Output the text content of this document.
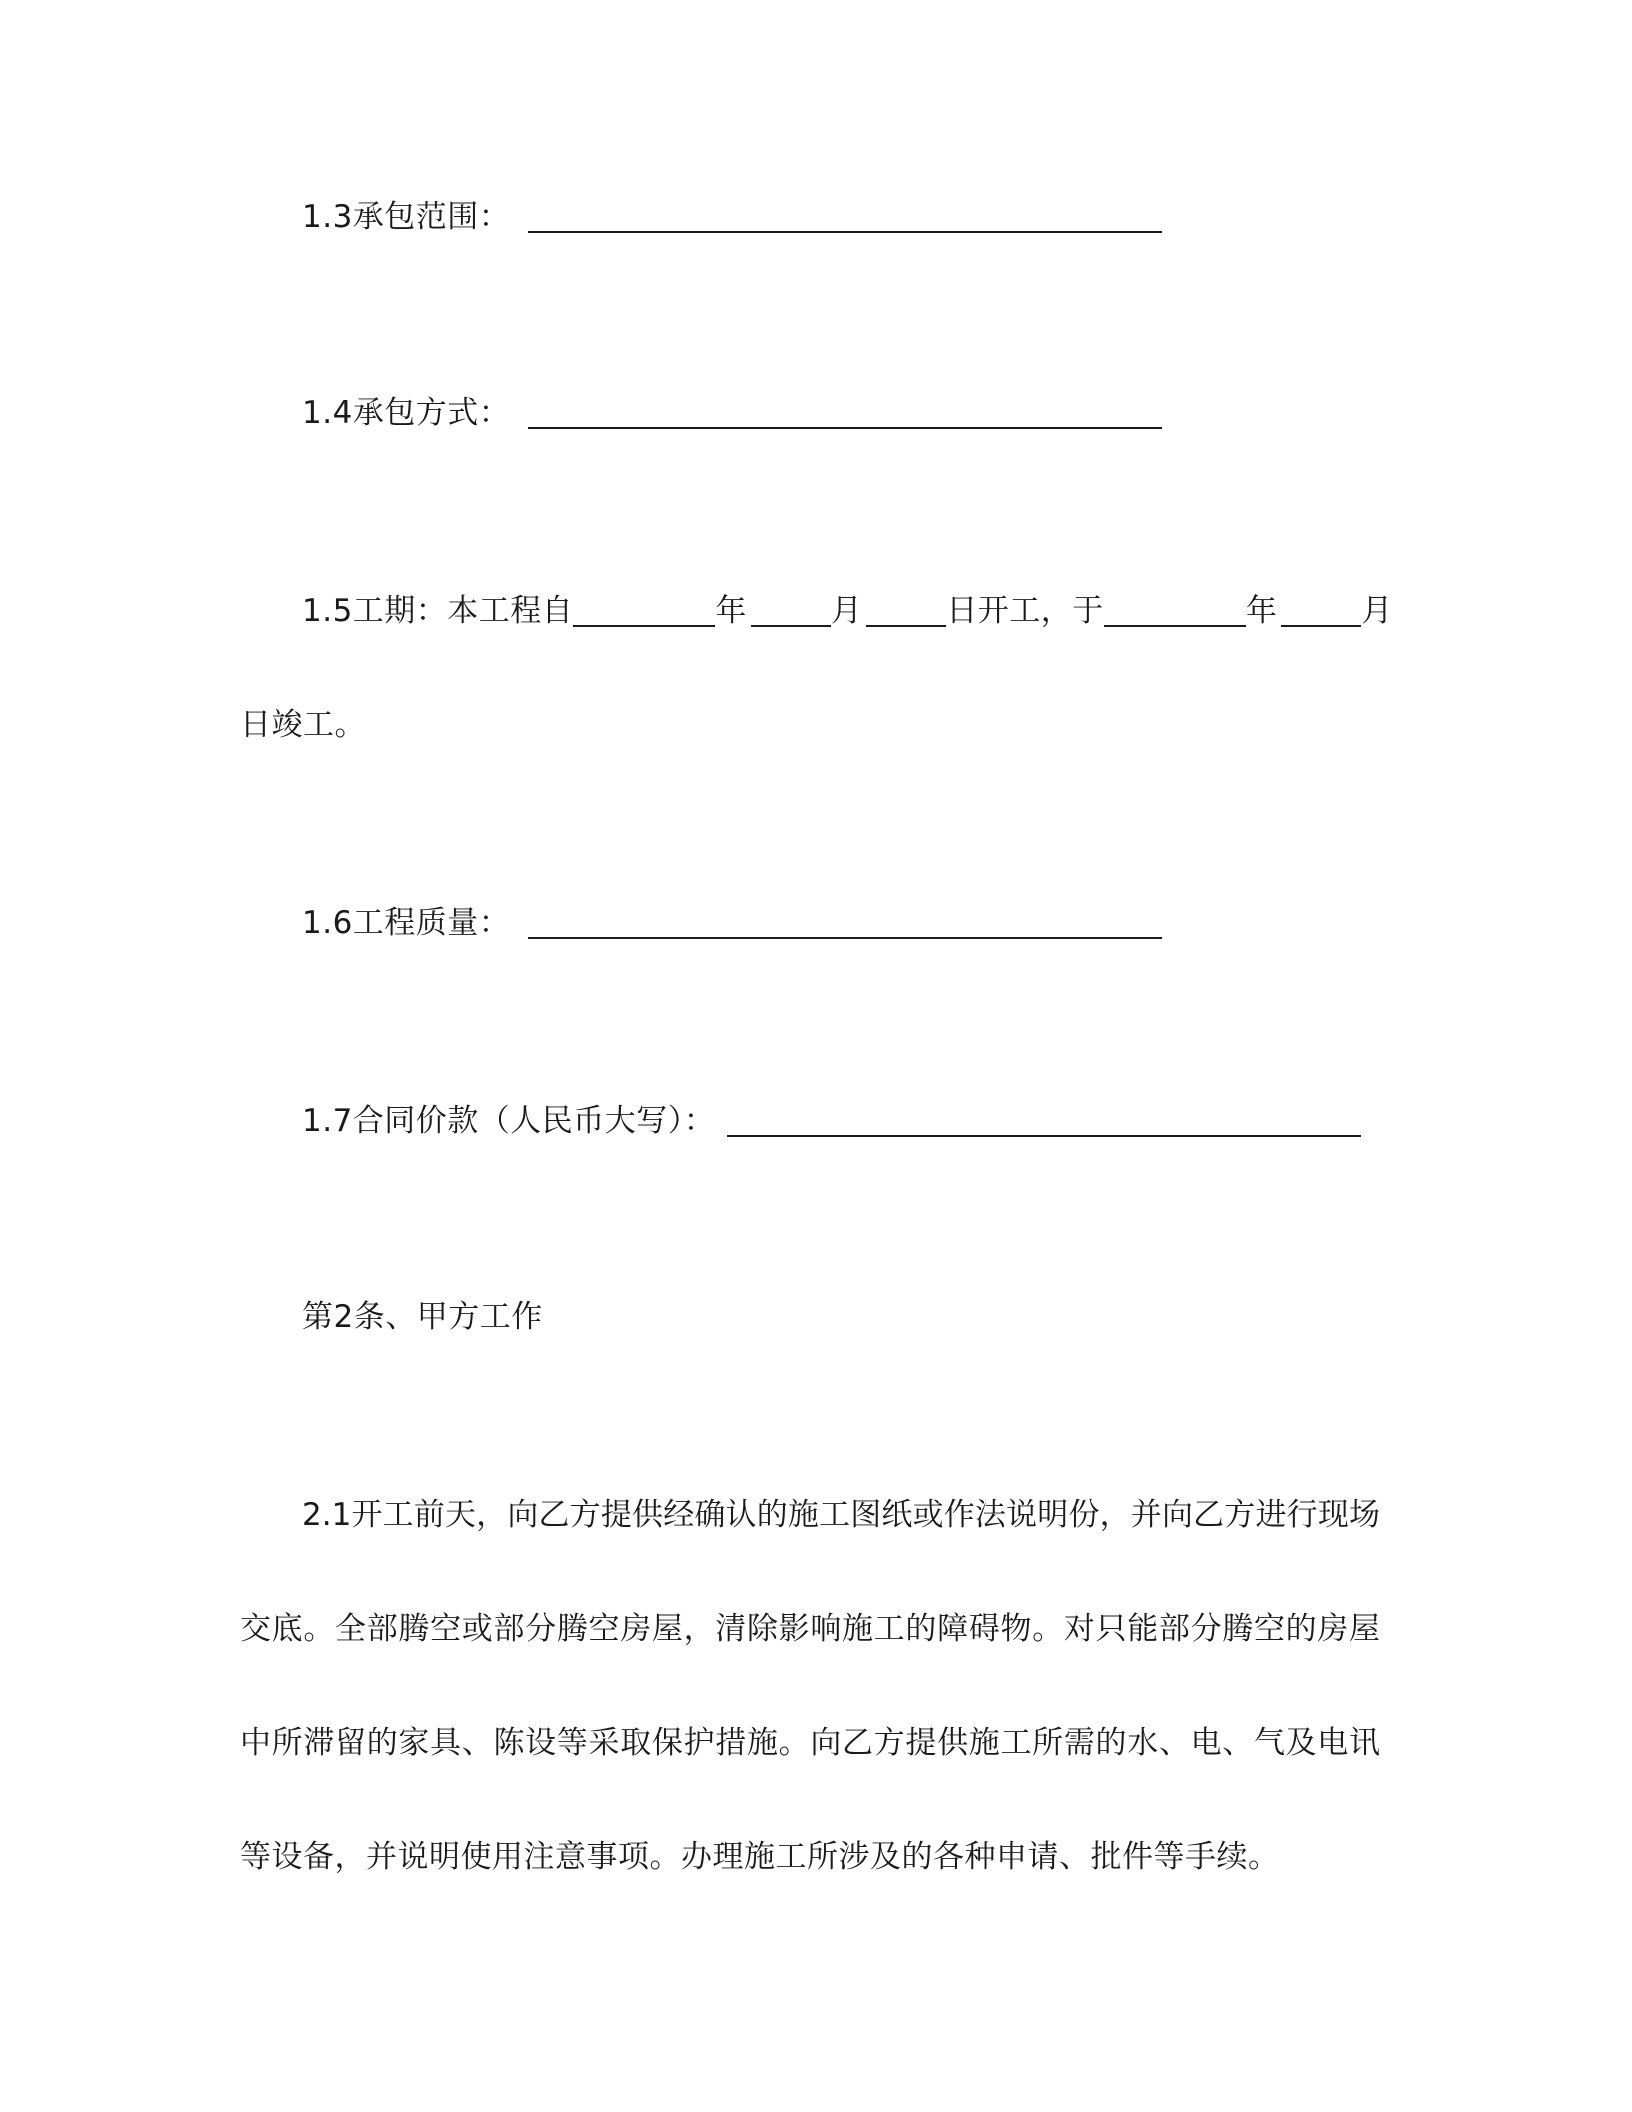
1.3承包范围：
1.4承包方式：
1.5工期：本工程自	年	月	日开工，于	年	月
日竣工。
1.6工程质量：
1.7合同价款（人民币大写）：
第2条、甲方工作
2.1开工前天，向乙方提供经确认的施工图纸或作法说明份，并向乙方进行现场
交底。全部腾空或部分腾空房屋，清除影响施工的障碍物。对只能部分腾空的房屋
中所滞留的家具、陈设等采取保护措施。向乙方提供施工所需的水、电、气及电讯
等设备，并说明使用注意事项。办理施工所涉及的各种申请、批件等手续。
